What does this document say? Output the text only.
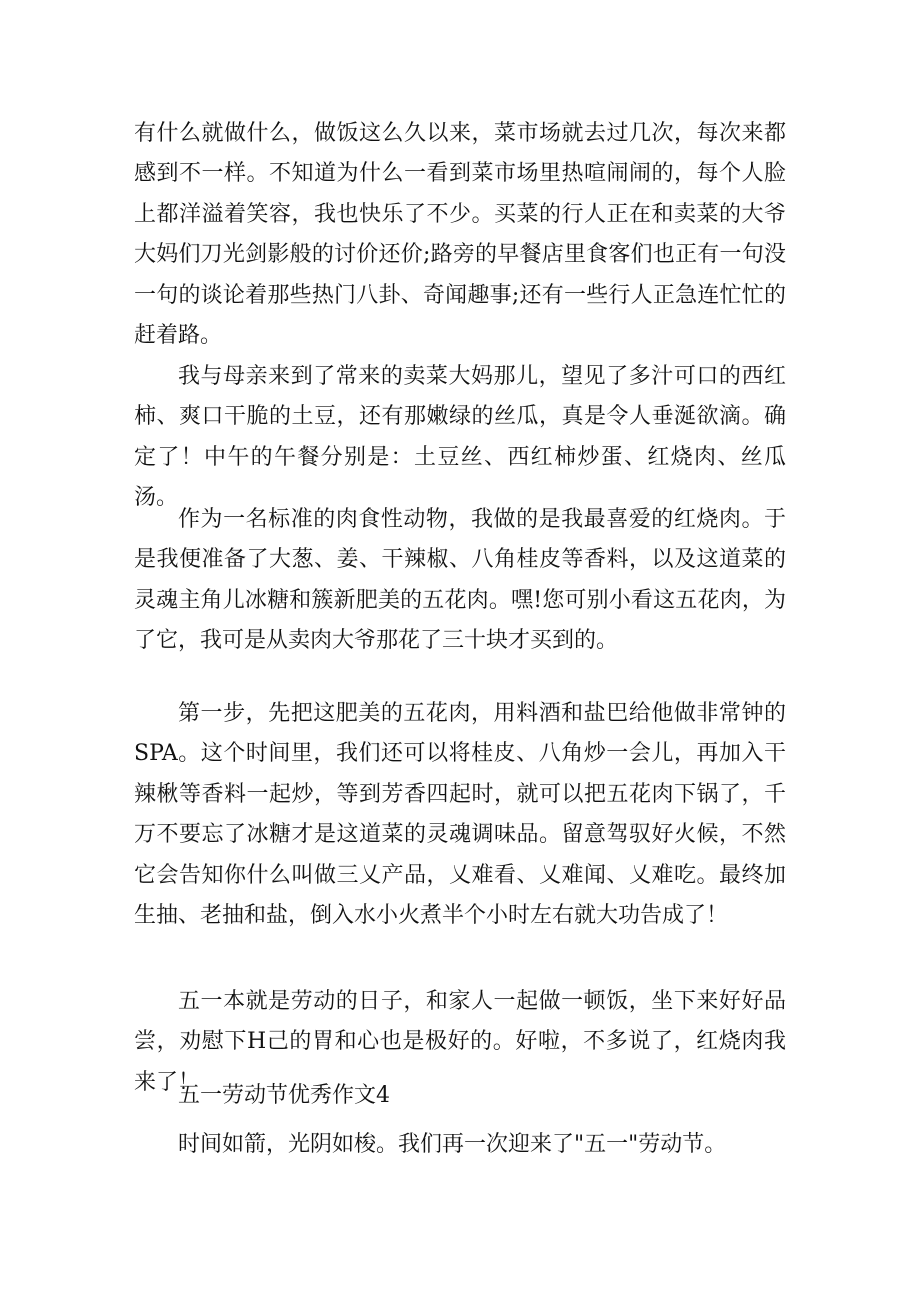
有什么就做什么，做饭这么久以来，菜市场就去过几次，每次来都感到不一样。不知道为什么一看到菜市场里热喧闹闹的，每个人脸上都洋溢着笑容，我也快乐了不少。买菜的行人正在和卖菜的大爷大妈们刀光剑影般的讨价还价;路旁的早餐店里食客们也正有一句没一句的谈论着那些热门八卦、奇闻趣事;还有一些行人正急连忙忙的赶着路。

我与母亲来到了常来的卖菜大妈那儿，望见了多汁可口的西红柿、爽口干脆的土豆，还有那嫩绿的丝瓜，真是令人垂涎欲滴。确定了！中午的午餐分别是：土豆丝、西红柿炒蛋、红烧肉、丝瓜汤。

作为一名标准的肉食性动物，我做的是我最喜爱的红烧肉。于是我便准备了大葱、姜、干辣椒、八角桂皮等香料，以及这道菜的灵魂主角儿冰糖和簇新肥美的五花肉。嘿!您可别小看这五花肉，为了它，我可是从卖肉大爷那花了三十块才买到的。

第一步，先把这肥美的五花肉，用料酒和盐巴给他做非常钟的SPA。这个时间里，我们还可以将桂皮、八角炒一会儿，再加入干辣楸等香料一起炒，等到芳香四起时，就可以把五花肉下锅了，千万不要忘了冰糖才是这道菜的灵魂调味品。留意驾驭好火候，不然它会告知你什么叫做三乂产品，乂难看、乂难闻、乂难吃。最终加生抽、老抽和盐，倒入水小火煮半个小时左右就大功告成了！

五一本就是劳动的日子，和家人一起做一顿饭，坐下来好好品尝，劝慰下H己的胃和心也是极好的。好啦，不多说了，红烧肉我来了！

五一劳动节优秀作文4

时间如箭，光阴如梭。我们再一次迎来了"五一"劳动节。
